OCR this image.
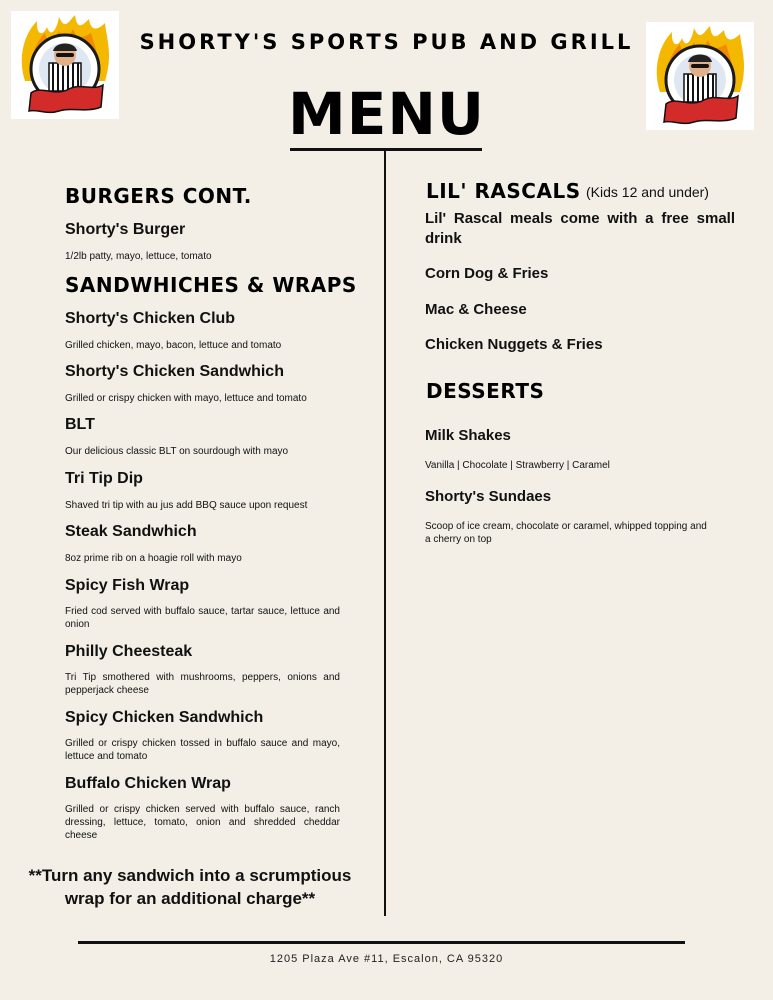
SHORTY'S SPORTS PUB AND GRILL
MENU
BURGERS CONT.
Shorty's Burger
1/2lb patty, mayo, lettuce, tomato
SANDWHICHES & WRAPS
Shorty's Chicken Club
Grilled chicken, mayo, bacon, lettuce and tomato
Shorty's Chicken Sandwhich
Grilled or crispy chicken with mayo, lettuce and tomato
BLT
Our delicious classic BLT on sourdough with mayo
Tri Tip Dip
Shaved tri tip with au jus add BBQ sauce upon request
Steak Sandwhich
8oz prime rib on a hoagie roll with mayo
Spicy Fish Wrap
Fried cod served with buffalo sauce, tartar sauce, lettuce and onion
Philly Cheesteak
Tri Tip smothered with mushrooms, peppers, onions and pepperjack cheese
Spicy Chicken Sandwhich
Grilled or crispy chicken tossed in buffalo sauce and mayo, lettuce and tomato
Buffalo Chicken Wrap
Grilled or crispy chicken served with buffalo sauce, ranch dressing, lettuce, tomato, onion and shredded cheddar cheese
**Turn any sandwich into a scrumptious wrap for an additional charge**
LIL' RASCALS (Kids 12 and under)
Lil' Rascal meals come with a free small drink
Corn Dog & Fries
Mac & Cheese
Chicken Nuggets & Fries
DESSERTS
Milk Shakes
Vanilla | Chocolate | Strawberry | Caramel
Shorty's Sundaes
Scoop of ice cream, chocolate or caramel, whipped topping and a cherry on top
1205 Plaza Ave #11, Escalon, CA 95320
